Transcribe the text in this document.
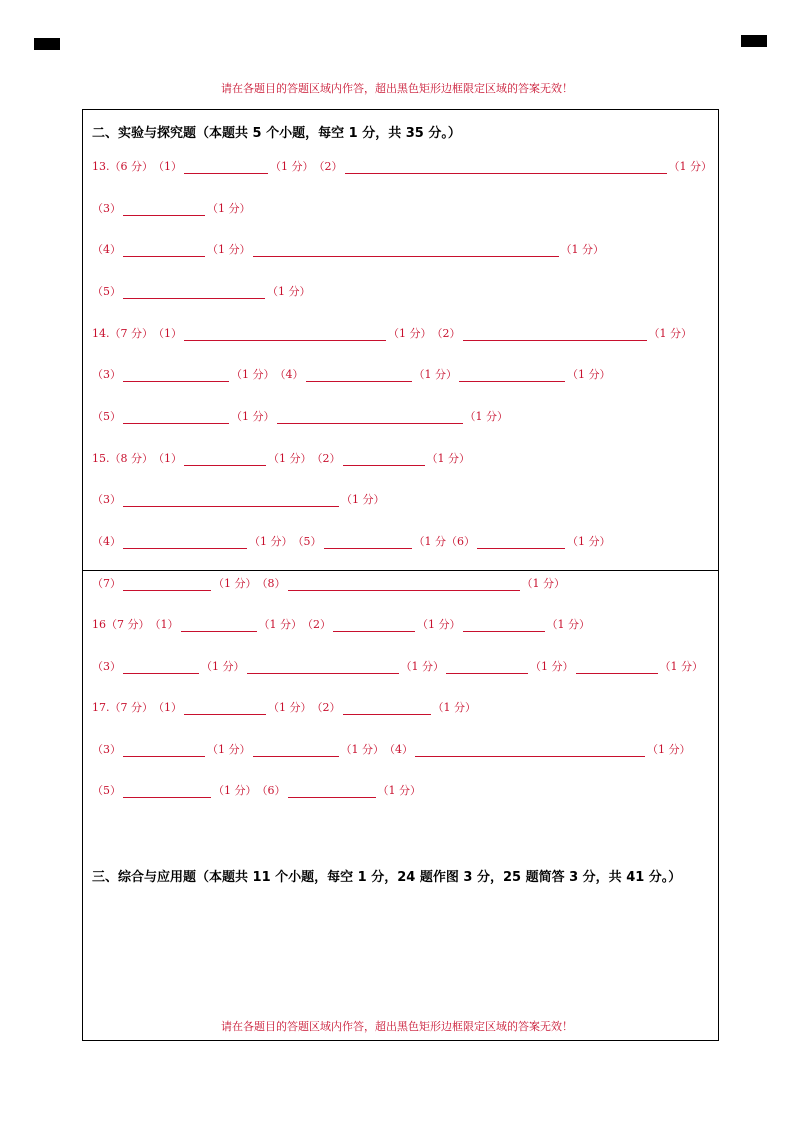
请在各题目的答题区域内作答，超出黑色矩形边框限定区域的答案无效！
二、实验与探究题（本题共 5 个小题，每空 1 分，共 35 分。）
13.（6 分） （1）	（1 分） （2）	（1 分）
（3）	（1 分）
（4）	（1 分）	（1 分）
（5）	（1 分）
14.（7 分） （1）	（1 分） （2）	（1 分）
（3）	（1 分） （4）	（1 分）	（1 分）
（5）	（1 分）	（1 分）
15.（8 分） （1）	（1 分） （2）	（1 分）
（3）	（1 分）
（4）	（1 分） （5）	（1 分（6）	（1 分）
（7）	（1 分） （8）	（1 分）
16（7 分） （1）	（1 分） （2）	（1 分）	（1 分）
（3）	（1 分）	（1 分）	（1 分）	（1 分）
17.（7 分） （1）	（1 分） （2）	（1 分）
（3）	（1 分）	（1 分） （4）	（1 分）
（5）	（1 分） （6）	（1 分）
三、综合与应用题（本题共 11 个小题，每空 1 分，24 题作图 3 分，25 题简答 3 分，共 41 分。）
请在各题目的答题区域内作答，超出黑色矩形边框限定区域的答案无效！
